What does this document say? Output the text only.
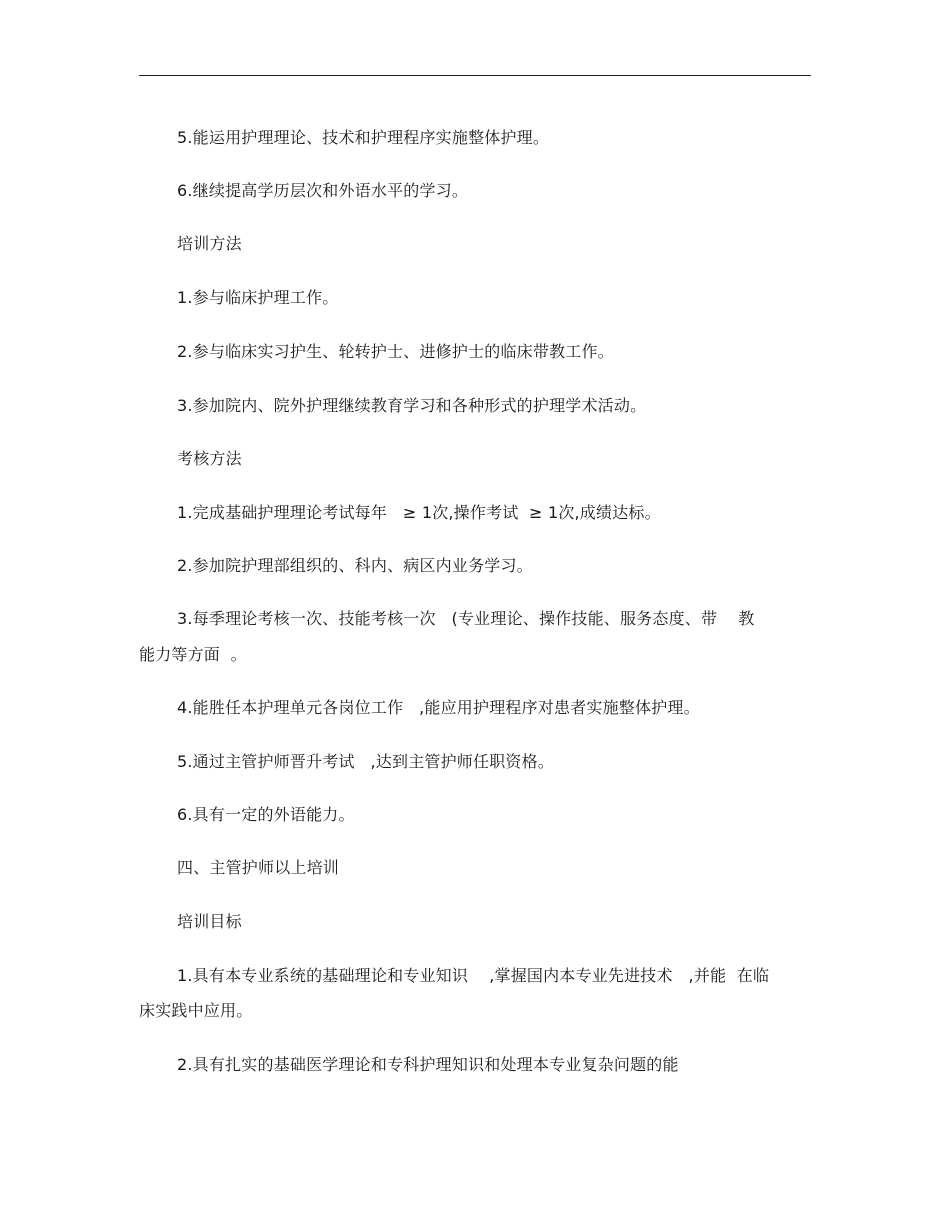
5.能运用护理理论、技术和护理程序实施整体护理。
6.继续提高学历层次和外语水平的学习。
培训方法
1.参与临床护理工作。
2.参与临床实习护生、轮转护士、进修护士的临床带教工作。
3.参加院内、院外护理继续教育学习和各种形式的护理学术活动。
考核方法
1.完成基础护理理论考试每年   ≥ 1次,操作考试  ≥ 1次,成绩达标。
2.参加院护理部组织的、科内、病区内业务学习。
3.每季理论考核一次、技能考核一次   (专业理论、操作技能、服务态度、带    教
能力等方面  。
4.能胜任本护理单元各岗位工作   ,能应用护理程序对患者实施整体护理。
5.通过主管护师晋升考试   ,达到主管护师任职资格。
6.具有一定的外语能力。
四、主管护师以上培训
培训目标
1.具有本专业系统的基础理论和专业知识    ,掌握国内本专业先进技术   ,并能  在临
床实践中应用。
2.具有扎实的基础医学理论和专科护理知识和处理本专业复杂问题的能
